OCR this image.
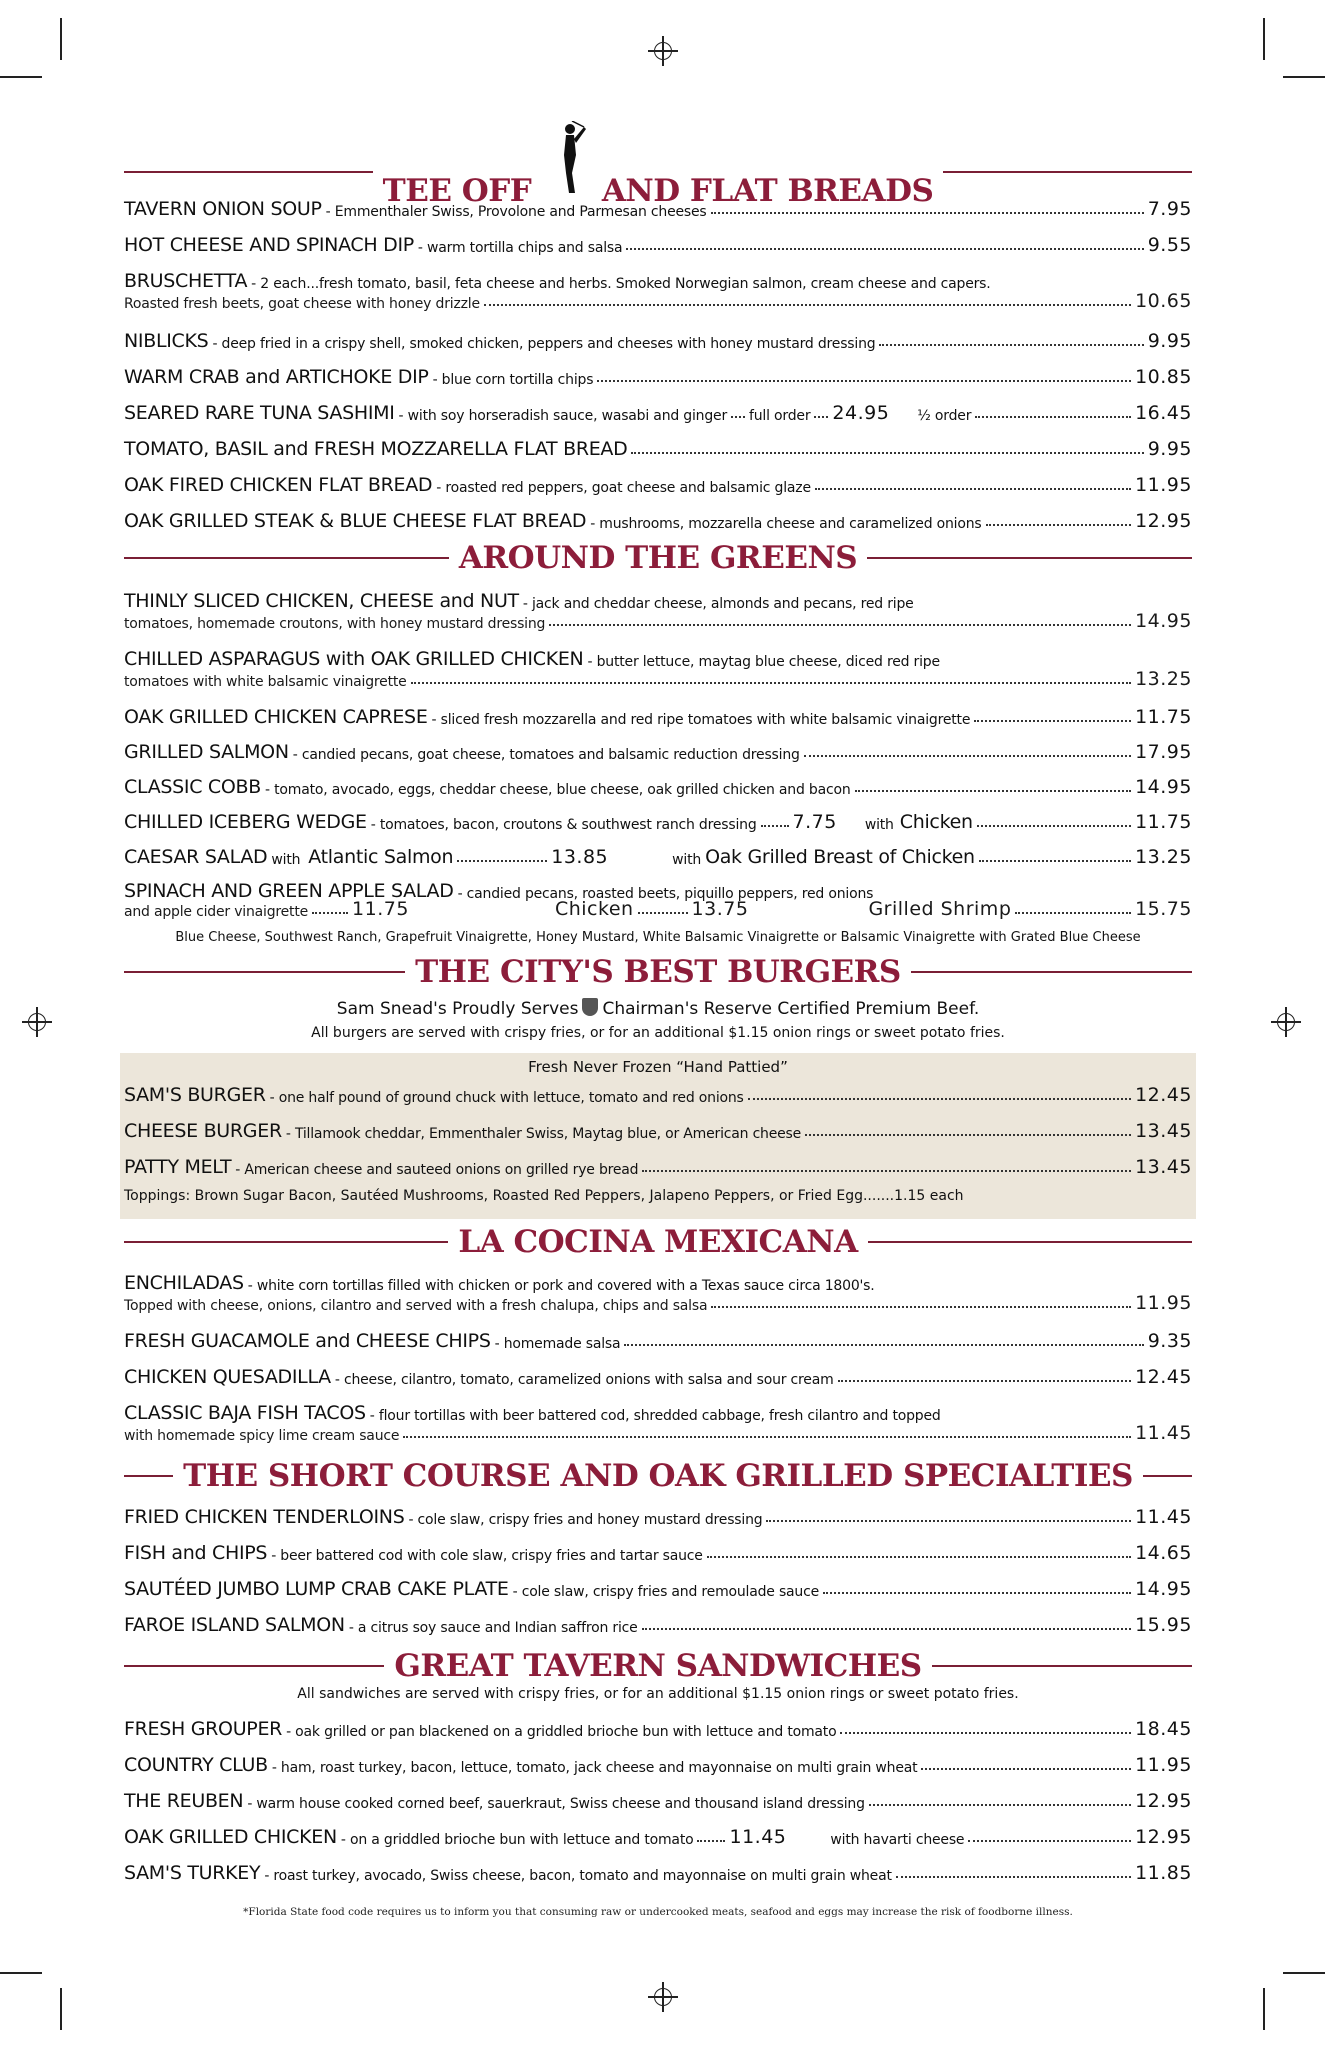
TEE OFF AND FLAT BREADS
TAVERN ONION SOUP - Emmenthaler Swiss, Provolone and Parmesan cheeses	7.95
HOT CHEESE AND SPINACH DIP - warm tortilla chips and salsa	9.55
BRUSCHETTA - 2 each...fresh tomato, basil, feta cheese and herbs. Smoked Norwegian salmon, cream cheese and capers.
Roasted fresh beets, goat cheese with honey drizzle	10.65
NIBLICKS - deep fried in a crispy shell, smoked chicken, peppers and cheeses with honey mustard dressing	9.95
WARM CRAB and ARTICHOKE DIP - blue corn tortilla chips	10.85
SEARED RARE TUNA SASHIMI - with soy horseradish sauce, wasabi and ginger full order 24.95 ½ order	16.45
TOMATO, BASIL and FRESH MOZZARELLA FLAT BREAD	9.95
OAK FIRED CHICKEN FLAT BREAD - roasted red peppers, goat cheese and balsamic glaze	11.95
OAK GRILLED STEAK & BLUE CHEESE FLAT BREAD - mushrooms, mozzarella cheese and caramelized onions	12.95
AROUND THE GREENS
THINLY SLICED CHICKEN, CHEESE and NUT - jack and cheddar cheese, almonds and pecans, red ripe
tomatoes, homemade croutons, with honey mustard dressing	14.95
CHILLED ASPARAGUS with OAK GRILLED CHICKEN - butter lettuce, maytag blue cheese, diced red ripe
tomatoes with white balsamic vinaigrette	13.25
OAK GRILLED CHICKEN CAPRESE - sliced fresh mozzarella and red ripe tomatoes with white balsamic vinaigrette	11.75
GRILLED SALMON - candied pecans, goat cheese, tomatoes and balsamic reduction dressing	17.95
CLASSIC COBB - tomato, avocado, eggs, cheddar cheese, blue cheese, oak grilled chicken and bacon	14.95
CHILLED ICEBERG WEDGE - tomatoes, bacon, croutons & southwest ranch dressing 7.75 with Chicken	11.75
CAESAR SALAD with Atlantic Salmon	13.85	with Oak Grilled Breast of Chicken	13.25
SPINACH AND GREEN APPLE SALAD - candied pecans, roasted beets, piquillo peppers, red onions
and apple cider vinaigrette 11.75	Chicken	13.75	Grilled Shrimp	15.75
Blue Cheese, Southwest Ranch, Grapefruit Vinaigrette, Honey Mustard, White Balsamic Vinaigrette or Balsamic Vinaigrette with Grated Blue Cheese
THE CITY'S BEST BURGERS
Sam Snead's Proudly Serves Chairman's Reserve Certified Premium Beef.
All burgers are served with crispy fries, or for an additional $1.15 onion rings or sweet potato fries.
Fresh Never Frozen “Hand Pattied”
SAM'S BURGER - one half pound of ground chuck with lettuce, tomato and red onions	12.45
CHEESE BURGER - Tillamook cheddar, Emmenthaler Swiss, Maytag blue, or American cheese	13.45
PATTY MELT - American cheese and sauteed onions on grilled rye bread	13.45
Toppings: Brown Sugar Bacon, Sautéed Mushrooms, Roasted Red Peppers, Jalapeno Peppers, or Fried Egg.......1.15 each
LA COCINA MEXICANA
ENCHILADAS - white corn tortillas filled with chicken or pork and covered with a Texas sauce circa 1800's.
Topped with cheese, onions, cilantro and served with a fresh chalupa, chips and salsa	11.95
FRESH GUACAMOLE and CHEESE CHIPS - homemade salsa	9.35
CHICKEN QUESADILLA - cheese, cilantro, tomato, caramelized onions with salsa and sour cream	12.45
CLASSIC BAJA FISH TACOS - flour tortillas with beer battered cod, shredded cabbage, fresh cilantro and topped
with homemade spicy lime cream sauce	11.45
THE SHORT COURSE AND OAK GRILLED SPECIALTIES
FRIED CHICKEN TENDERLOINS - cole slaw, crispy fries and honey mustard dressing	11.45
FISH and CHIPS - beer battered cod with cole slaw, crispy fries and tartar sauce	14.65
SAUTÉED JUMBO LUMP CRAB CAKE PLATE - cole slaw, crispy fries and remoulade sauce	14.95
FAROE ISLAND SALMON - a citrus soy sauce and Indian saffron rice	15.95
GREAT TAVERN SANDWICHES
All sandwiches are served with crispy fries, or for an additional $1.15 onion rings or sweet potato fries.
FRESH GROUPER - oak grilled or pan blackened on a griddled brioche bun with lettuce and tomato	18.45
COUNTRY CLUB - ham, roast turkey, bacon, lettuce, tomato, jack cheese and mayonnaise on multi grain wheat	11.95
THE REUBEN - warm house cooked corned beef, sauerkraut, Swiss cheese and thousand island dressing	12.95
OAK GRILLED CHICKEN - on a griddled brioche bun with lettuce and tomato 11.45	with havarti cheese	12.95
SAM'S TURKEY - roast turkey, avocado, Swiss cheese, bacon, tomato and mayonnaise on multi grain wheat	11.85
*Florida State food code requires us to inform you that consuming raw or undercooked meats, seafood and eggs may increase the risk of foodborne illness.
